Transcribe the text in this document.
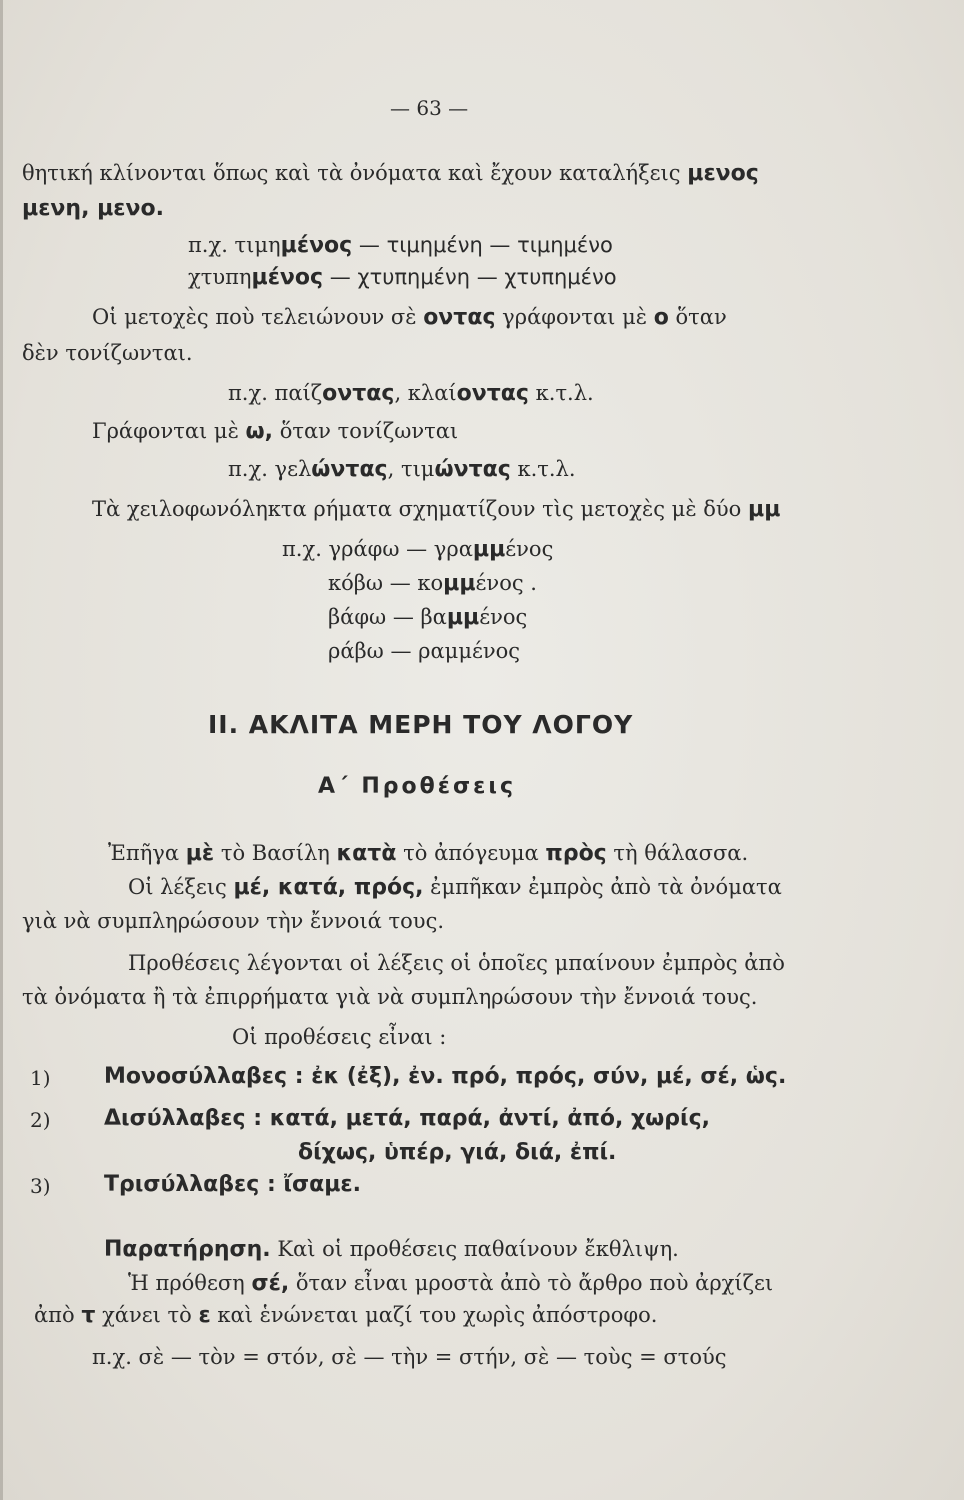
— 63 —
θητική κλίνονται ὅπως καὶ τὰ ὀνόματα καὶ ἔχουν καταλήξεις μενος
μενη, μενο.
π.χ. τιμημένος — τιμημένη — τιμημένο
χτυπημένος — χτυπημένη — χτυπημένο
Οἱ μετοχὲς ποὺ τελειώνουν σὲ οντας γράφονται μὲ ο ὅταν
δὲν τονίζωνται.
π.χ. παίζοντας, κλαίοντας κ.τ.λ.
Γράφονται μὲ ω, ὅταν τονίζωνται
π.χ. γελώντας, τιμώντας κ.τ.λ.
Τὰ χειλοφωνόληκτα ρήματα σχηματίζουν τὶς μετοχὲς μὲ δύο μμ
π.χ. γράφω — γραμμένος
κόβω — κομμένος .
βάφω — βαμμένος
ράβω — ραμμένος
II. ΑΚΛΙΤΑ ΜΕΡΗ ΤΟΥ ΛΟΓΟΥ
Α΄ Προθέσεις
Ἐπῆγα μὲ τὸ Βασίλη κατὰ τὸ ἀπόγευμα πρὸς τὴ θάλασσα.
Οἱ λέξεις μέ, κατά, πρός, ἐμπῆκαν ἐμπρὸς ἀπὸ τὰ ὀνόματα
γιὰ νὰ συμπληρώσουν τὴν ἔννοιά τους.
Προθέσεις λέγονται οἱ λέξεις οἱ ὁποῖες μπαίνουν ἐμπρὸς ἀπὸ
τὰ ὀνόματα ἢ τὰ ἐπιρρήματα γιὰ νὰ συμπληρώσουν τὴν ἔννοιά τους.
Οἱ προθέσεις εἶναι :
1) Μονοσύλλαβες : ἐκ (ἐξ), ἐν. πρό, πρός, σύν, μέ, σέ, ὡς.
2) Δισύλλαβες : κατά, μετά, παρά, ἀντί, ἀπό, χωρίς,
δίχως, ὑπέρ, γιά, διά, ἐπί.
3) Τρισύλλαβες : ἴσαμε.
Παρατήρηση. Καὶ οἱ προθέσεις παθαίνουν ἔκθλιψη.
Ἡ πρόθεση σέ, ὅταν εἶναι μροστὰ ἀπὸ τὸ ἄρθρο ποὺ ἀρχίζει
ἀπὸ τ χάνει τὸ ε καὶ ἑνώνεται μαζί του χωρὶς ἀπόστροφο.
π.χ. σὲ — τὸν = στόν, σὲ — τὴν = στήν, σὲ — τοὺς = στούς
